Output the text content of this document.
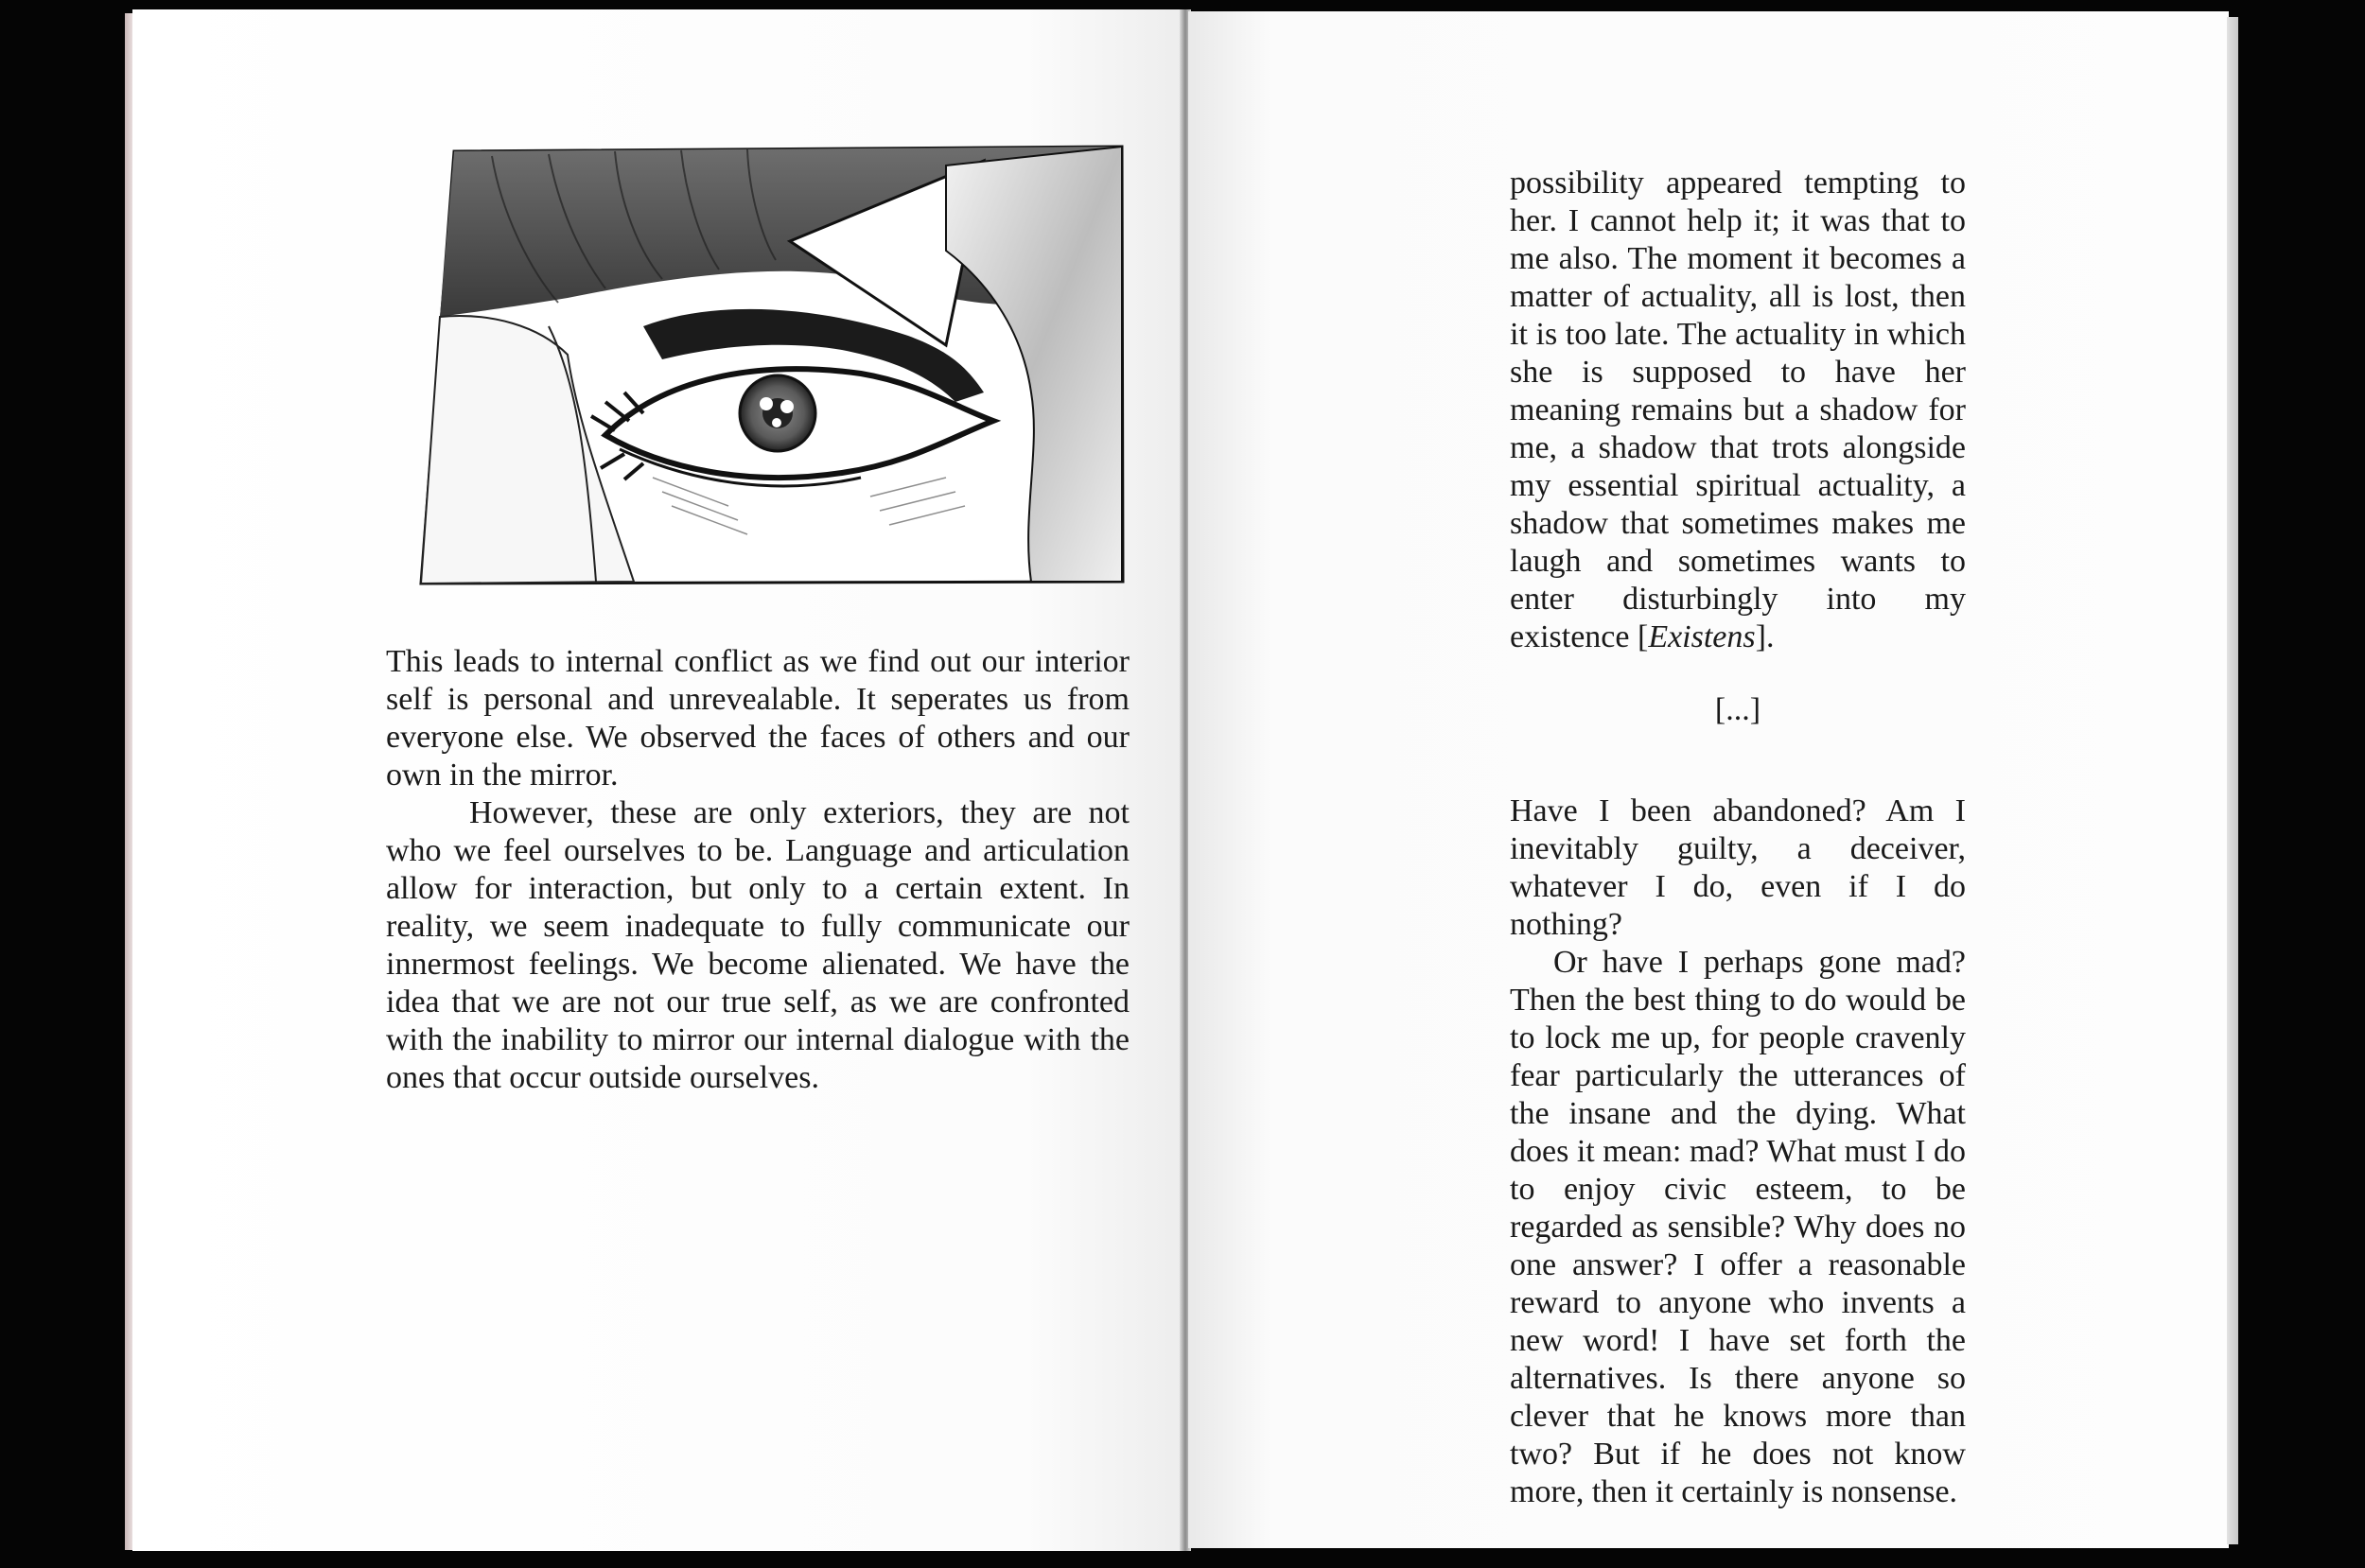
This leads to internal conflict as we find out our interior self is personal and unrevealable. It seperates us from everyone else. We observed the faces of others and our own in the mirror.

However, these are only exteriors, they are not who we feel ourselves to be. Language and articulation allow for interaction, but only to a certain extent. In reality, we seem inadequate to fully communicate our innermost feelings. We become alienated. We have the idea that we are not our true self, as we are confronted with the inability to mirror our internal dialogue with the ones that occur outside ourselves.

possibility appeared tempting to her. I cannot help it; it was that to me also. The moment it becomes a matter of actuality, all is lost, then it is too late. The actuality in which she is supposed to have her meaning remains but a shadow for me, a shadow that trots alongside my essential spiritual actuality, a shadow that sometimes makes me laugh and sometimes wants to enter disturbingly into my existence [Existens].

[...]

Have I been abandoned? Am I inevitably guilty, a deceiver, whatever I do, even if I do nothing?

Or have I perhaps gone mad? Then the best thing to do would be to lock me up, for people cravenly fear particularly the utterances of the insane and the dying. What does it mean: mad? What must I do to enjoy civic esteem, to be regarded as sensible? Why does no one answer? I offer a reasonable reward to anyone who invents a new word! I have set forth the alternatives. Is there anyone so clever that he knows more than two? But if he does not know more, then it certainly is nonsense.
